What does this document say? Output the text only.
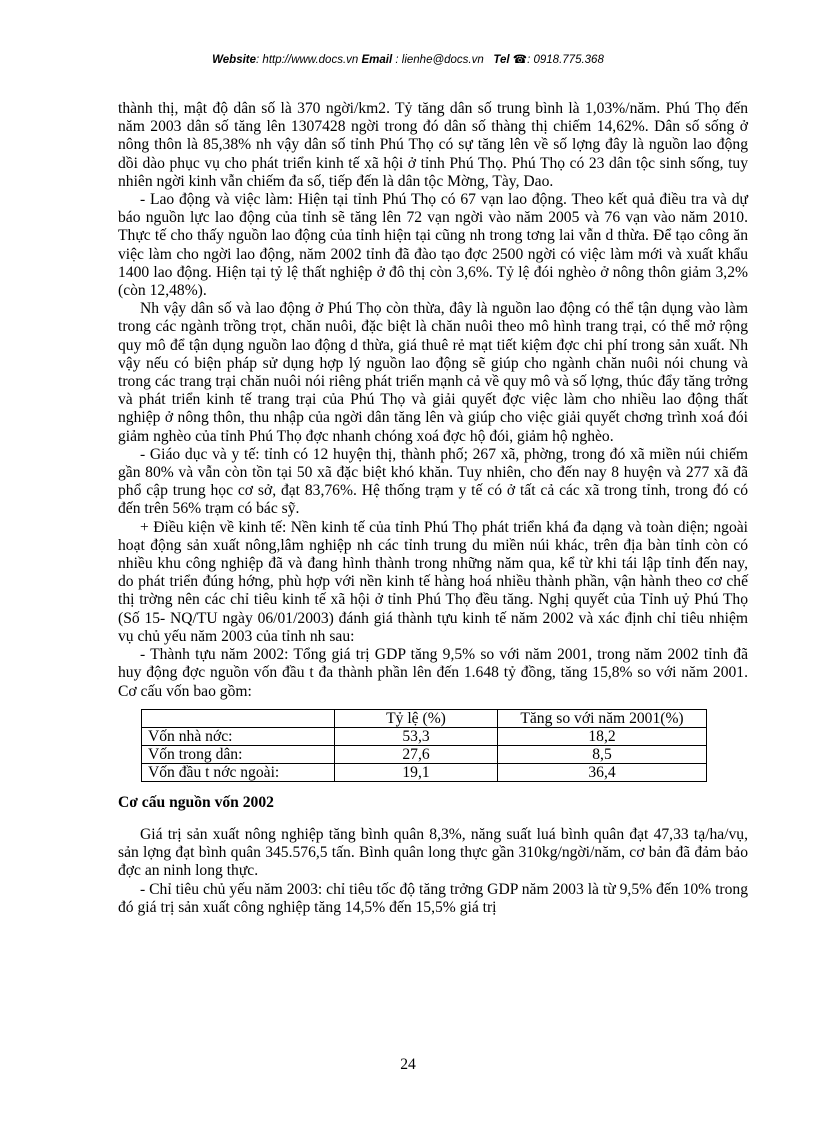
Website: http://www.docs.vn Email : lienhe@docs.vn Tel ☎: 0918.775.368

thành thị, mật độ dân số là 370 ngời/km2. Tỷ tăng dân số trung bình là 1,03%/năm. Phú Thọ đến năm 2003 dân số tăng lên 1307428 ngời trong đó dân số thàng thị chiếm 14,62%. Dân số sống ở nông thôn là 85,38% nh vậy dân số tỉnh Phú Thọ có sự tăng lên về số lợng đây là nguồn lao động dồi dào phục vụ cho phát triển kinh tế xã hội ở tỉnh Phú Thọ. Phú Thọ có 23 dân tộc sinh sống, tuy nhiên ngời kinh vẫn chiếm đa số, tiếp đến là dân tộc Mờng, Tày, Dao.

- Lao động và việc làm: Hiện tại tỉnh Phú Thọ có 67 vạn lao động. Theo kết quả điều tra và dự báo nguồn lực lao động của tỉnh sẽ tăng lên 72 vạn ngời vào năm 2005 và 76 vạn vào năm 2010. Thực tế cho thấy nguồn lao động của tỉnh hiện tại cũng nh trong tơng lai vẫn d thừa. Để tạo công ăn việc làm cho ngời lao động, năm 2002 tỉnh đã đào tạo đợc 2500 ngời có việc làm mới và xuất khẩu 1400 lao động. Hiện tại tỷ lệ thất nghiệp ở đô thị còn 3,6%. Tỷ lệ đói nghèo ở nông thôn giảm 3,2% (còn 12,48%).

Nh vậy dân số và lao động ở Phú Thọ còn thừa, đây là nguồn lao động có thể tận dụng vào làm trong các ngành trồng trọt, chăn nuôi, đặc biệt là chăn nuôi theo mô hình trang trại, có thể mở rộng quy mô để tận dụng nguồn lao động d thừa, giá thuê rẻ mạt tiết kiệm đợc chi phí trong sản xuất. Nh vậy nếu có biện pháp sử dụng hợp lý nguồn lao động sẽ giúp cho ngành chăn nuôi nói chung và trong các trang trại chăn nuôi nói riêng phát triển mạnh cả về quy mô và số lợng, thúc đẩy tăng trởng và phát triển kinh tế trang trại của Phú Thọ và giải quyết đợc việc làm cho nhiều lao động thất nghiệp ở nông thôn, thu nhập của ngời dân tăng lên và giúp cho việc giải quyết chơng trình xoá đói giảm nghèo của tỉnh Phú Thọ đợc nhanh chóng xoá đợc hộ đói, giảm hộ nghèo.

- Giáo dục và y tế: tỉnh có 12 huyện thị, thành phố; 267 xã, phờng, trong đó xã miền núi chiếm gần 80% và vẫn còn tồn tại 50 xã đặc biệt khó khăn. Tuy nhiên, cho đến nay 8 huyện và 277 xã đã phổ cập trung học cơ sở, đạt 83,76%. Hệ thống trạm y tế có ở tất cả các xã trong tỉnh, trong đó có đến trên 56% trạm có bác sỹ.

+ Điều kiện về kinh tế: Nền kinh tế của tỉnh Phú Thọ phát triển khá đa dạng và toàn diện; ngoài hoạt động sản xuất nông,lâm nghiệp nh các tỉnh trung du miền núi khác, trên địa bàn tỉnh còn có nhiều khu công nghiệp đã và đang hình thành trong những năm qua, kể từ khi tái lập tỉnh đến nay, do phát triển đúng hớng, phù hợp với nền kinh tế hàng hoá nhiều thành phần, vận hành theo cơ chế thị trờng nên các chỉ tiêu kinh tế xã hội ở tỉnh Phú Thọ đều tăng. Nghị quyết của Tỉnh uỷ Phú Thọ (Số 15- NQ/TU ngày 06/01/2003) đánh giá thành tựu kinh tế năm 2002 và xác định chỉ tiêu nhiệm vụ chủ yếu năm 2003 của tỉnh nh sau:

- Thành tựu năm 2002: Tổng giá trị GDP tăng 9,5% so với năm 2001, trong năm 2002 tỉnh đã huy động đợc nguồn vốn đầu t đa thành phần lên đến 1.648 tỷ đồng, tăng 15,8% so với năm 2001. Cơ cấu vốn bao gồm:

	Tỷ lệ (%)	Tăng so với năm 2001(%)
Vốn nhà nớc:	53,3	18,2
Vốn trong dân:	27,6	8,5
Vốn đầu t nớc ngoài:	19,1	36,4

Cơ cấu nguồn vốn 2002

Giá trị sản xuất nông nghiệp tăng bình quân 8,3%, năng suất luá bình quân đạt 47,33 tạ/ha/vụ, sản lợng đạt bình quân 345.576,5 tấn. Bình quân long thực gần 310kg/ngời/năm, cơ bản đã đảm bảo đợc an ninh long thực.

- Chỉ tiêu chủ yếu năm 2003: chỉ tiêu tốc độ tăng trởng GDP năm 2003 là từ 9,5% đến 10% trong đó giá trị sản xuất công nghiệp tăng 14,5% đến 15,5% giá trị

24
